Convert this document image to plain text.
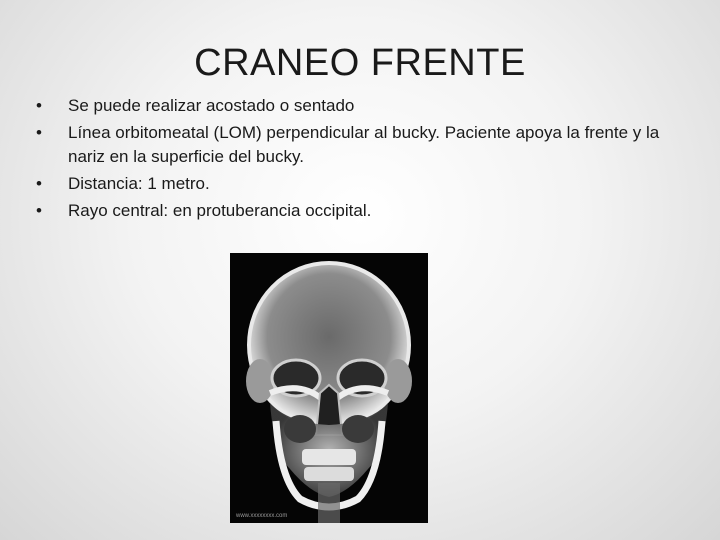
CRANEO FRENTE
• Se puede realizar acostado o sentado
• Línea orbitomeatal (LOM) perpendicular al bucky. Paciente apoya la frente y la nariz en la superficie del bucky.
• Distancia: 1 metro.
• Rayo central: en protuberancia occipital.
www.xxxxxxxx.com
